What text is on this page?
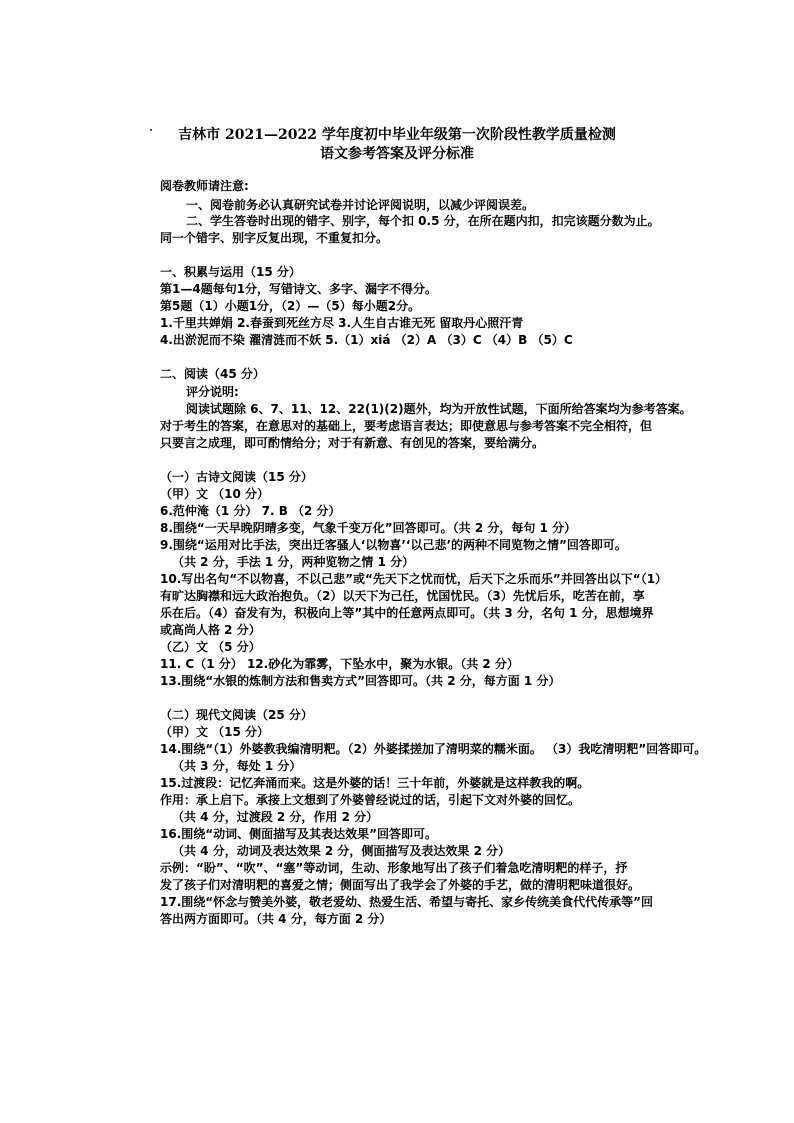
吉林市 2021—2022 学年度初中毕业年级第一次阶段性教学质量检测
语文参考答案及评分标准
阅卷教师请注意:
一、阅卷前务必认真研究试卷并讨论评阅说明，以减少评阅误差。
二、学生答卷时出现的错字、别字，每个扣 0.5 分，在所在题内扣，扣完该题分数为止。
同一个错字、别字反复出现，不重复扣分。
一、积累与运用（15 分）
第1—4题每句1分，写错诗文、多字、漏字不得分。
第5题（1）小题1分，（2）—（5）每小题2分。
1.千里共婵娟 2.春蚕到死丝方尽 3.人生自古谁无死 留取丹心照汗青
4.出淤泥而不染 濯清涟而不妖 5.（1）xiá （2）A （3）C （4）B （5）C
二、阅读（45 分）
评分说明:
阅读试题除 6、7、11、12、22(1)(2)题外，均为开放性试题，下面所给答案均为参考答案。
对于考生的答案，在意思对的基础上，要考虑语言表达；即使意思与参考答案不完全相符，但
只要言之成理，即可酌情给分；对于有新意、有创见的答案，要给满分。
（一）古诗文阅读（15 分）
（甲）文 （10 分）
6.范仲淹（1 分） 7. B （2 分）
8.围绕“一天早晚阴晴多变，气象千变万化”回答即可。（共 2 分，每句 1 分）
9.围绕“运用对比手法，突出迁客骚人‘以物喜’‘以己悲’的两种不同览物之情”回答即可。
（共 2 分，手法 1 分，两种览物之情 1 分）
10.写出名句“不以物喜，不以己悲”或“先天下之忧而忧，后天下之乐而乐”并回答出以下“（1）
有旷达胸襟和远大政治抱负。（2）以天下为己任，忧国忧民。（3）先忧后乐，吃苦在前，享
乐在后。（4）奋发有为，积极向上等”其中的任意两点即可。（共 3 分，名句 1 分，思想境界
或高尚人格 2 分）
（乙）文 （5 分）
11. C（1 分） 12.砂化为霏雾，下坠水中，聚为水银。（共 2 分）
13.围绕“水银的炼制方法和售卖方式”回答即可。（共 2 分，每方面 1 分）
（二）现代文阅读（25 分）
（甲）文 （15 分）
14.围绕“（1）外婆教我编清明粑。（2）外婆揉搓加了清明菜的糯米面。 （3）我吃清明粑”回答即可。
（共 3 分，每处 1 分）
15.过渡段：记忆奔涌而来。这是外婆的话！三十年前，外婆就是这样教我的啊。
作用：承上启下。承接上文想到了外婆曾经说过的话，引起下文对外婆的回忆。
（共 4 分，过渡段 2 分，作用 2 分）
16.围绕“动词、侧面描写及其表达效果”回答即可。
（共 4 分，动词及表达效果 2 分，侧面描写及表达效果 2 分）
示例：“盼”、“吹”、“塞”等动词，生动、形象地写出了孩子们着急吃清明粑的样子，抒
发了孩子们对清明粑的喜爱之情；侧面写出了我学会了外婆的手艺，做的清明粑味道很好。
17.围绕“怀念与赞美外婆，敬老爱幼、热爱生活、希望与寄托、家乡传统美食代代传承等”回
答出两方面即可。（共 4 分，每方面 2 分）
